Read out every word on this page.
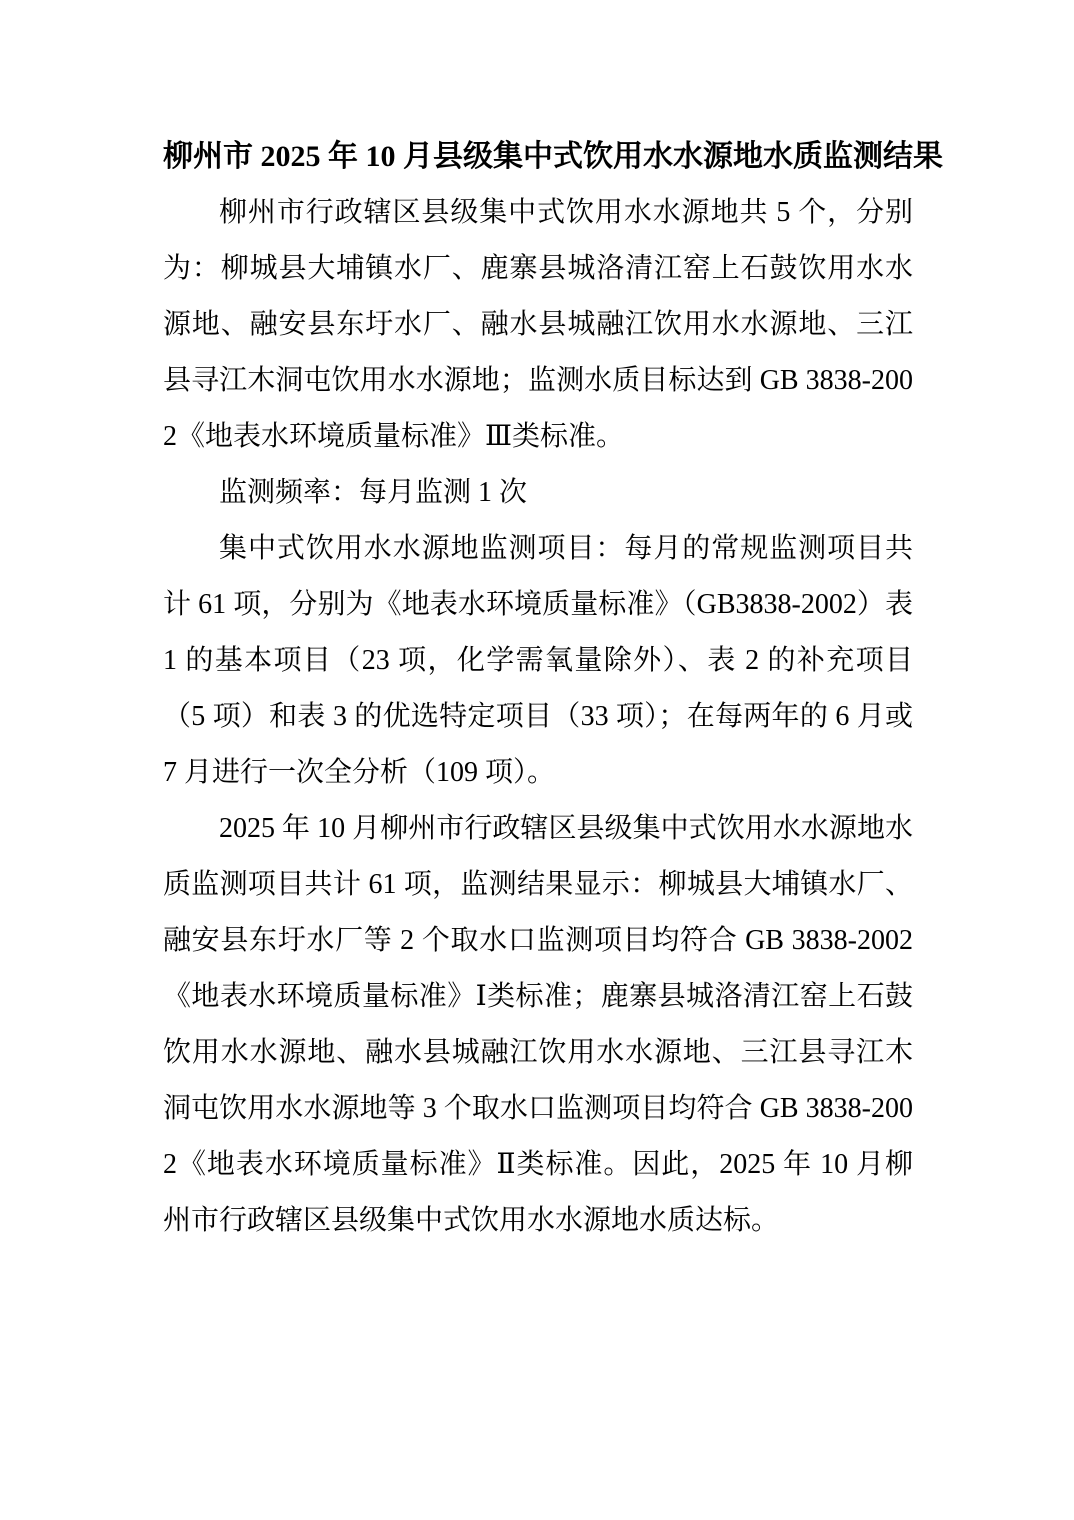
柳州市 2025 年 10 月县级集中式饮用水水源地水质监测结果

柳州市行政辖区县级集中式饮用水水源地共 5 个，分别为：柳城县大埔镇水厂、鹿寨县城洛清江窑上石鼓饮用水水源地、融安县东圩水厂、融水县城融江饮用水水源地、三江县寻江木洞屯饮用水水源地；监测水质目标达到 GB 3838-2002《地表水环境质量标准》Ⅲ类标准。

监测频率：每月监测 1 次

集中式饮用水水源地监测项目：每月的常规监测项目共计 61 项，分别为《地表水环境质量标准》（GB3838-2002）表 1 的基本项目（23 项，化学需氧量除外）、表 2 的补充项目（5 项）和表 3 的优选特定项目（33 项）；在每两年的 6 月或 7 月进行一次全分析（109 项）。

2025 年 10 月柳州市行政辖区县级集中式饮用水水源地水质监测项目共计 61 项，监测结果显示：柳城县大埔镇水厂、融安县东圩水厂等 2 个取水口监测项目均符合 GB 3838-2002《地表水环境质量标准》Ⅰ类标准；鹿寨县城洛清江窑上石鼓饮用水水源地、融水县城融江饮用水水源地、三江县寻江木洞屯饮用水水源地等 3 个取水口监测项目均符合 GB 3838-2002《地表水环境质量标准》Ⅱ类标准。因此，2025 年 10 月柳州市行政辖区县级集中式饮用水水源地水质达标。
